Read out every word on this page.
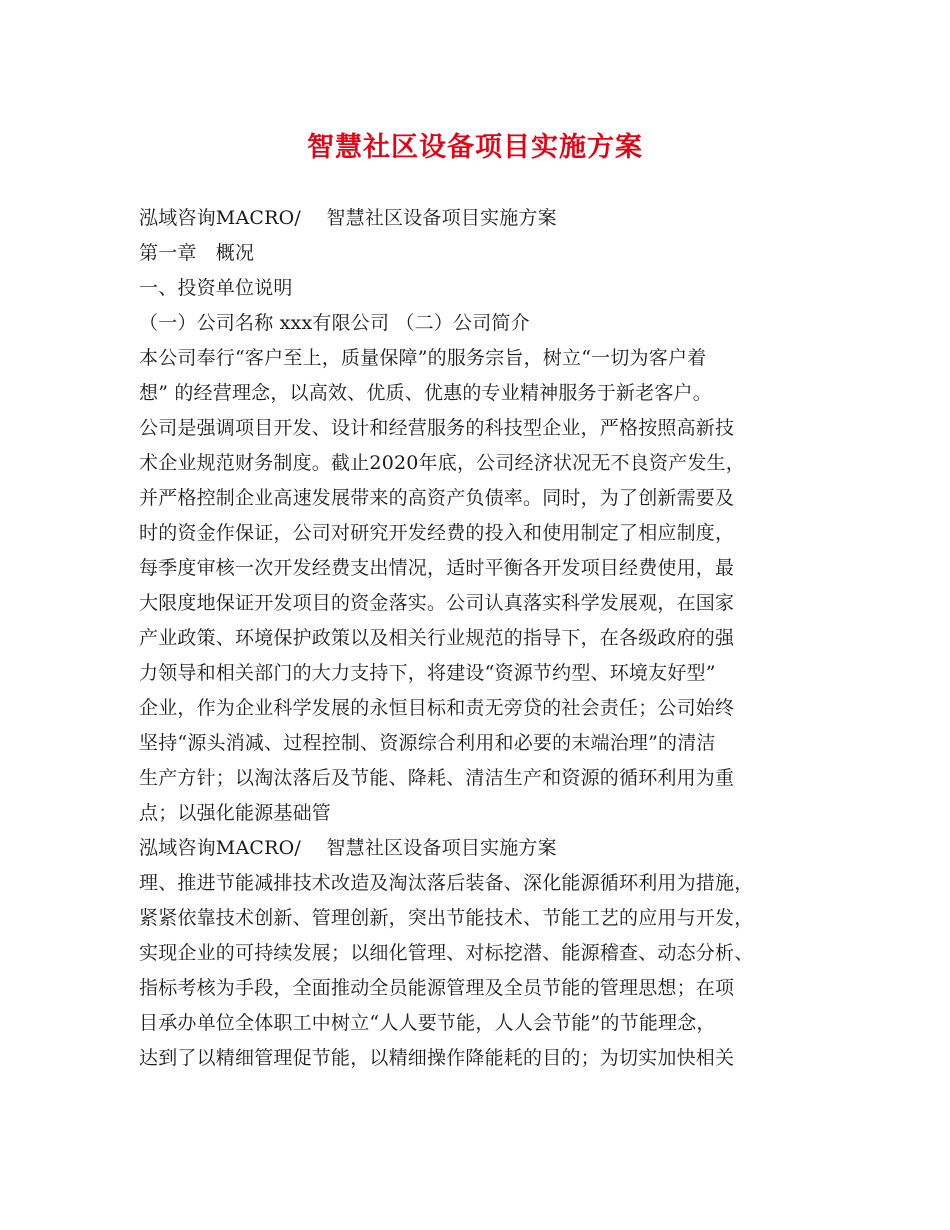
智慧社区设备项目实施方案
泓域咨询MACRO/　 智慧社区设备项目实施方案
第一章　概况
一、投资单位说明
（一）公司名称 xxx有限公司 （二）公司简介
本公司奉行“客户至上，质量保障”的服务宗旨，树立“一切为客户着
想” 的经营理念，以高效、优质、优惠的专业精神服务于新老客户。
公司是强调项目开发、设计和经营服务的科技型企业，严格按照高新技
术企业规范财务制度。截止2020年底，公司经济状况无不良资产发生，
并严格控制企业高速发展带来的高资产负债率。同时，为了创新需要及
时的资金作保证，公司对研究开发经费的投入和使用制定了相应制度，
每季度审核一次开发经费支出情况，适时平衡各开发项目经费使用，最
大限度地保证开发项目的资金落实。公司认真落实科学发展观，在国家
产业政策、环境保护政策以及相关行业规范的指导下，在各级政府的强
力领导和相关部门的大力支持下，将建设“资源节约型、环境友好型”
企业，作为企业科学发展的永恒目标和责无旁贷的社会责任；公司始终
坚持“源头消减、过程控制、资源综合利用和必要的末端治理”的清洁
生产方针；以淘汰落后及节能、降耗、清洁生产和资源的循环利用为重
点；以强化能源基础管
泓域咨询MACRO/　 智慧社区设备项目实施方案
理、推进节能减排技术改造及淘汰落后装备、深化能源循环利用为措施，
紧紧依靠技术创新、管理创新，突出节能技术、节能工艺的应用与开发，
实现企业的可持续发展；以细化管理、对标挖潜、能源稽查、动态分析、
指标考核为手段，全面推动全员能源管理及全员节能的管理思想；在项
目承办单位全体职工中树立“人人要节能，人人会节能”的节能理念，
达到了以精细管理促节能，以精细操作降能耗的目的；为切实加快相关
